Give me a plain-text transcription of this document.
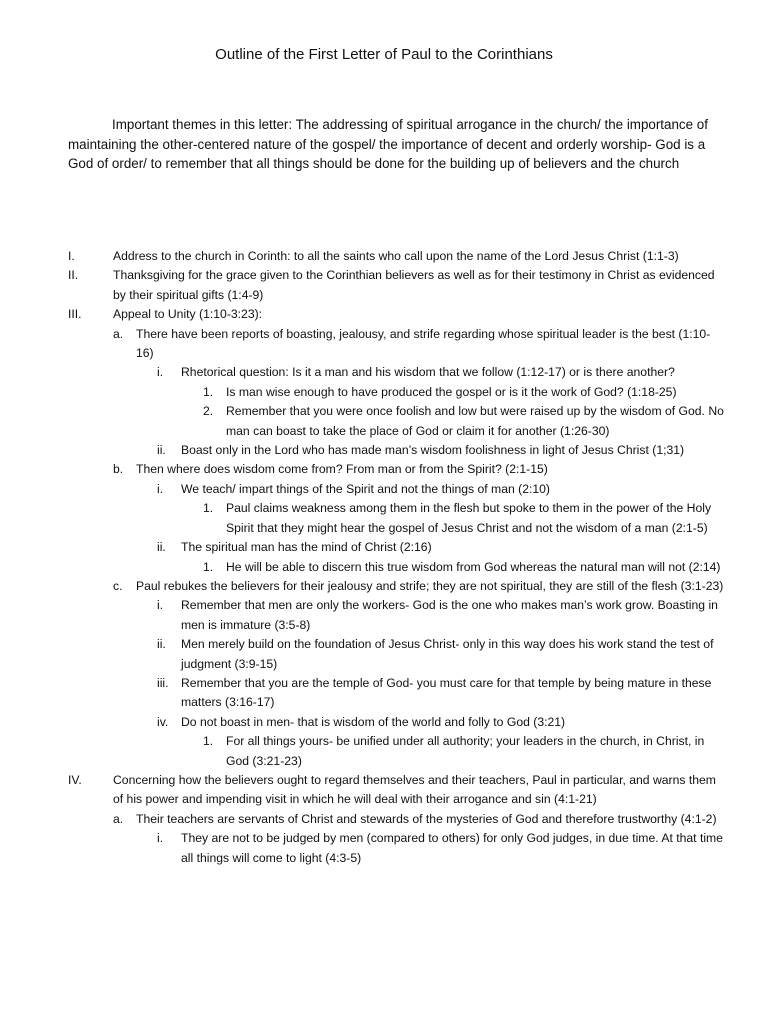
Outline of the First Letter of Paul to the Corinthians
Important themes in this letter: The addressing of spiritual arrogance in the church/ the importance of maintaining the other-centered nature of the gospel/ the importance of decent and orderly worship- God is a God of order/ to remember that all things should be done for the building up of believers and the church
I.	Address to the church in Corinth: to all the saints who call upon the name of the Lord Jesus Christ (1:1-3)
II.	Thanksgiving for the grace given to the Corinthian believers as well as for their testimony in Christ as evidenced by their spiritual gifts (1:4-9)
III.	Appeal to Unity (1:10-3:23):
a. There have been reports of boasting, jealousy, and strife regarding whose spiritual leader is the best (1:10-16)
i. Rhetorical question: Is it a man and his wisdom that we follow (1:12-17) or is there another?
1. Is man wise enough to have produced the gospel or is it the work of God? (1:18-25)
2. Remember that you were once foolish and low but were raised up by the wisdom of God. No man can boast to take the place of God or claim it for another (1:26-30)
ii. Boast only in the Lord who has made man’s wisdom foolishness in light of Jesus Christ (1;31)
b. Then where does wisdom come from? From man or from the Spirit? (2:1-15)
i. We teach/ impart things of the Spirit and not the things of man (2:10)
1. Paul claims weakness among them in the flesh but spoke to them in the power of the Holy Spirit that they might hear the gospel of Jesus Christ and not the wisdom of a man (2:1-5)
ii. The spiritual man has the mind of Christ (2:16)
1. He will be able to discern this true wisdom from God whereas the natural man will not (2:14)
c. Paul rebukes the believers for their jealousy and strife; they are not spiritual, they are still of the flesh (3:1-23)
i. Remember that men are only the workers- God is the one who makes man’s work grow. Boasting in men is immature (3:5-8)
ii. Men merely build on the foundation of Jesus Christ- only in this way does his work stand the test of judgment (3:9-15)
iii. Remember that you are the temple of God- you must care for that temple by being mature in these matters (3:16-17)
iv. Do not boast in men- that is wisdom of the world and folly to God (3:21)
1. For all things yours- be unified under all authority; your leaders in the church, in Christ, in God (3:21-23)
IV.	Concerning how the believers ought to regard themselves and their teachers, Paul in particular, and warns them of his power and impending visit in which he will deal with their arrogance and sin (4:1-21)
a. Their teachers are servants of Christ and stewards of the mysteries of God and therefore trustworthy (4:1-2)
i. They are not to be judged by men (compared to others) for only God judges, in due time. At that time all things will come to light (4:3-5)
